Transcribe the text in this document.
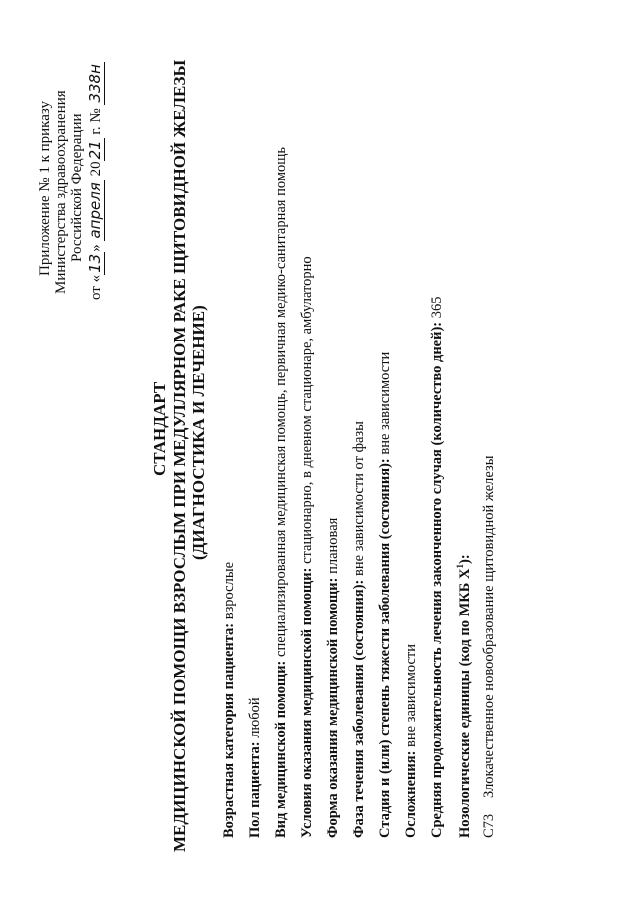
Приложение № 1 к приказу Министерства здравоохранения Российской Федерации
от «13» апреля 2021 г. № 338н
СТАНДАРТ МЕДИЦИНСКОЙ ПОМОЩИ ВЗРОСЛЫМ ПРИ МЕДУЛЛЯРНОМ РАКЕ ЩИТОВИДНОЙ ЖЕЛЕЗЫ (ДИАГНОСТИКА И ЛЕЧЕНИЕ)
Возрастная категория пациента: взрослые
Пол пациента: любой Вид медицинской помощи: специализированная медицинская помощь, первичная медико-санитарная помощь
Условия оказания медицинской помощи: стационарно, в дневном стационаре, амбулаторно
Форма оказания медицинской помощи: плановая
Фаза течения заболевания (состояния): вне зависимости от фазы Стадия и (или) степень тяжести заболевания (состояния): вне зависимости
Осложнения: вне зависимости Средняя продолжительность лечения законченного случая (количество дней): 365
Нозологические единицы (код по МКБ $X^1$):
С73
Злокачественное новообразование щитовидной железы
